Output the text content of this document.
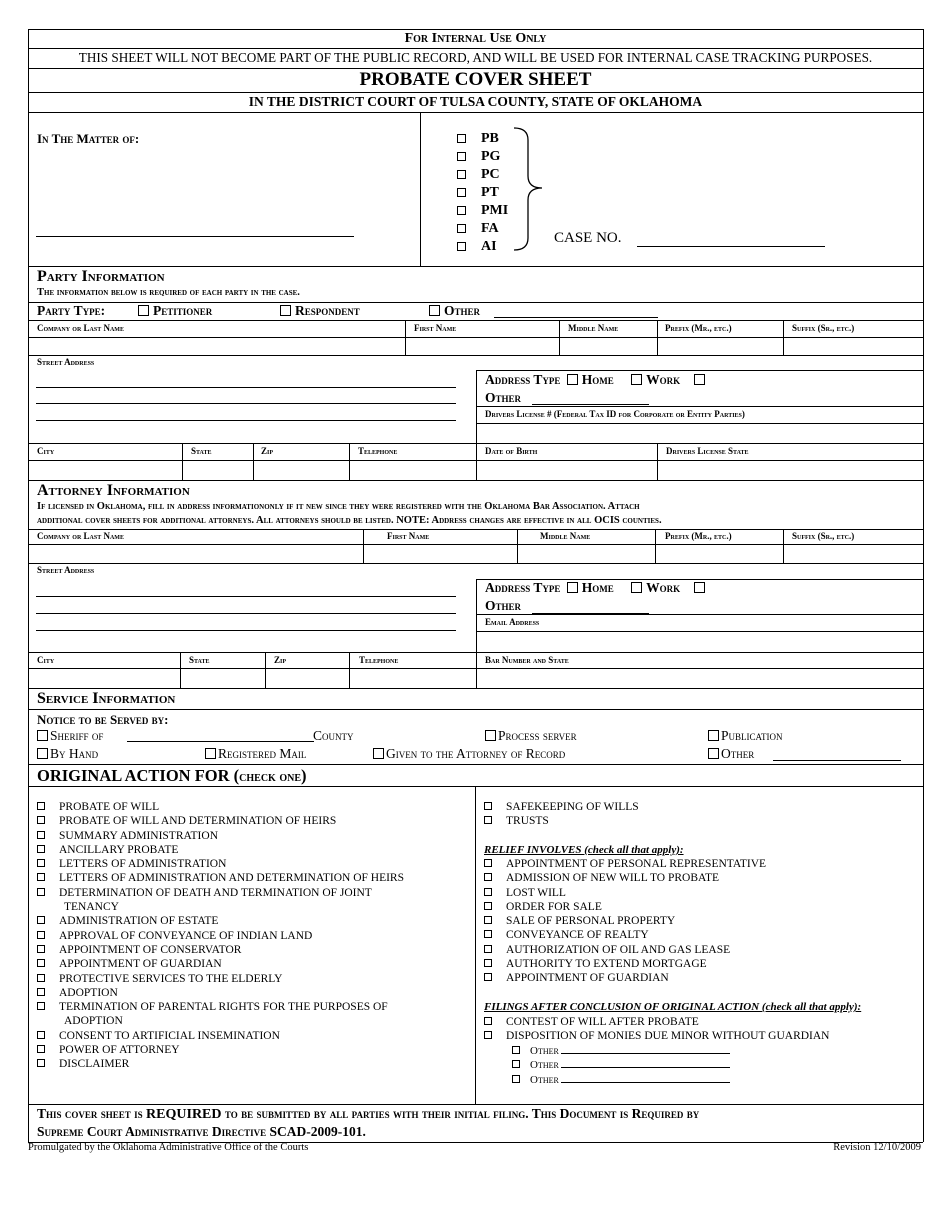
For Internal Use Only
THIS SHEET WILL NOT BECOME PART OF THE PUBLIC RECORD, AND WILL BE USED FOR INTERNAL CASE TRACKING PURPOSES.
PROBATE COVER SHEET
IN THE DISTRICT COURT OF TULSA COUNTY, STATE OF OKLAHOMA
In The Matter of:	PB
PG
PC
PT
PMI
FA
AI
CASE NO.
Party Information
The information below is required of each party in the case.
Party Type:	Petitioner	Respondent	Other
Company or Last Name	First Name	Middle Name	Prefix (Mr., etc.)	Suffix (Sr., etc.)
Street Address
Address Type Home Work
Other
Drivers License # (Federal Tax ID for Corporate or Entity Parties)
City	State	Zip	Telephone	Date of Birth	Drivers License State
Attorney Information
If licensed in Oklahoma, fill in address informationonly if it new since they were registered with the Oklahoma Bar Association. Attach
additional cover sheets for additional attorneys. All attorneys should be listed. NOTE: Address changes are effective in all OCIS counties.
Company or Last Name	First Name	Middle Name	Prefix (Mr., etc.)	Suffix (Sr., etc.)
Street Address
Address Type Home Work
Other
Email Address
City	State	Zip	Telephone	Bar Number and State
Service Information
Notice to be Served by:
Sheriff of	County	Process server	Publication
By Hand	Registered Mail	Given to the Attorney of Record	Other
ORIGINAL ACTION FOR (check one)
PROBATE OF WILL
PROBATE OF WILL AND DETERMINATION OF HEIRS
SUMMARY ADMINISTRATION
ANCILLARY PROBATE
LETTERS OF ADMINISTRATION
LETTERS OF ADMINISTRATION AND DETERMINATION OF HEIRS
DETERMINATION OF DEATH AND TERMINATION OF JOINT
TENANCY
ADMINISTRATION OF ESTATE
APPROVAL OF CONVEYANCE OF INDIAN LAND
APPOINTMENT OF CONSERVATOR
APPOINTMENT OF GUARDIAN
PROTECTIVE SERVICES TO THE ELDERLY
ADOPTION
TERMINATION OF PARENTAL RIGHTS FOR THE PURPOSES OF
ADOPTION
CONSENT TO ARTIFICIAL INSEMINATION
POWER OF ATTORNEY
DISCLAIMER
SAFEKEEPING OF WILLS
TRUSTS
RELIEF INVOLVES (check all that apply):
APPOINTMENT OF PERSONAL REPRESENTATIVE
ADMISSION OF NEW WILL TO PROBATE
LOST WILL
ORDER FOR SALE
SALE OF PERSONAL PROPERTY
CONVEYANCE OF REALTY
AUTHORIZATION OF OIL AND GAS LEASE
AUTHORITY TO EXTEND MORTGAGE
APPOINTMENT OF GUARDIAN
FILINGS AFTER CONCLUSION OF ORIGINAL ACTION (check all that apply):
CONTEST OF WILL AFTER PROBATE
DISPOSITION OF MONIES DUE MINOR WITHOUT GUARDIAN
Other
Other
Other
This cover sheet is REQUIRED to be submitted by all parties with their initial filing. This Document is Required by
Supreme Court Administrative Directive SCAD-2009-101.
Promulgated by the Oklahoma Administrative Office of the Courts	Revision 12/10/2009
